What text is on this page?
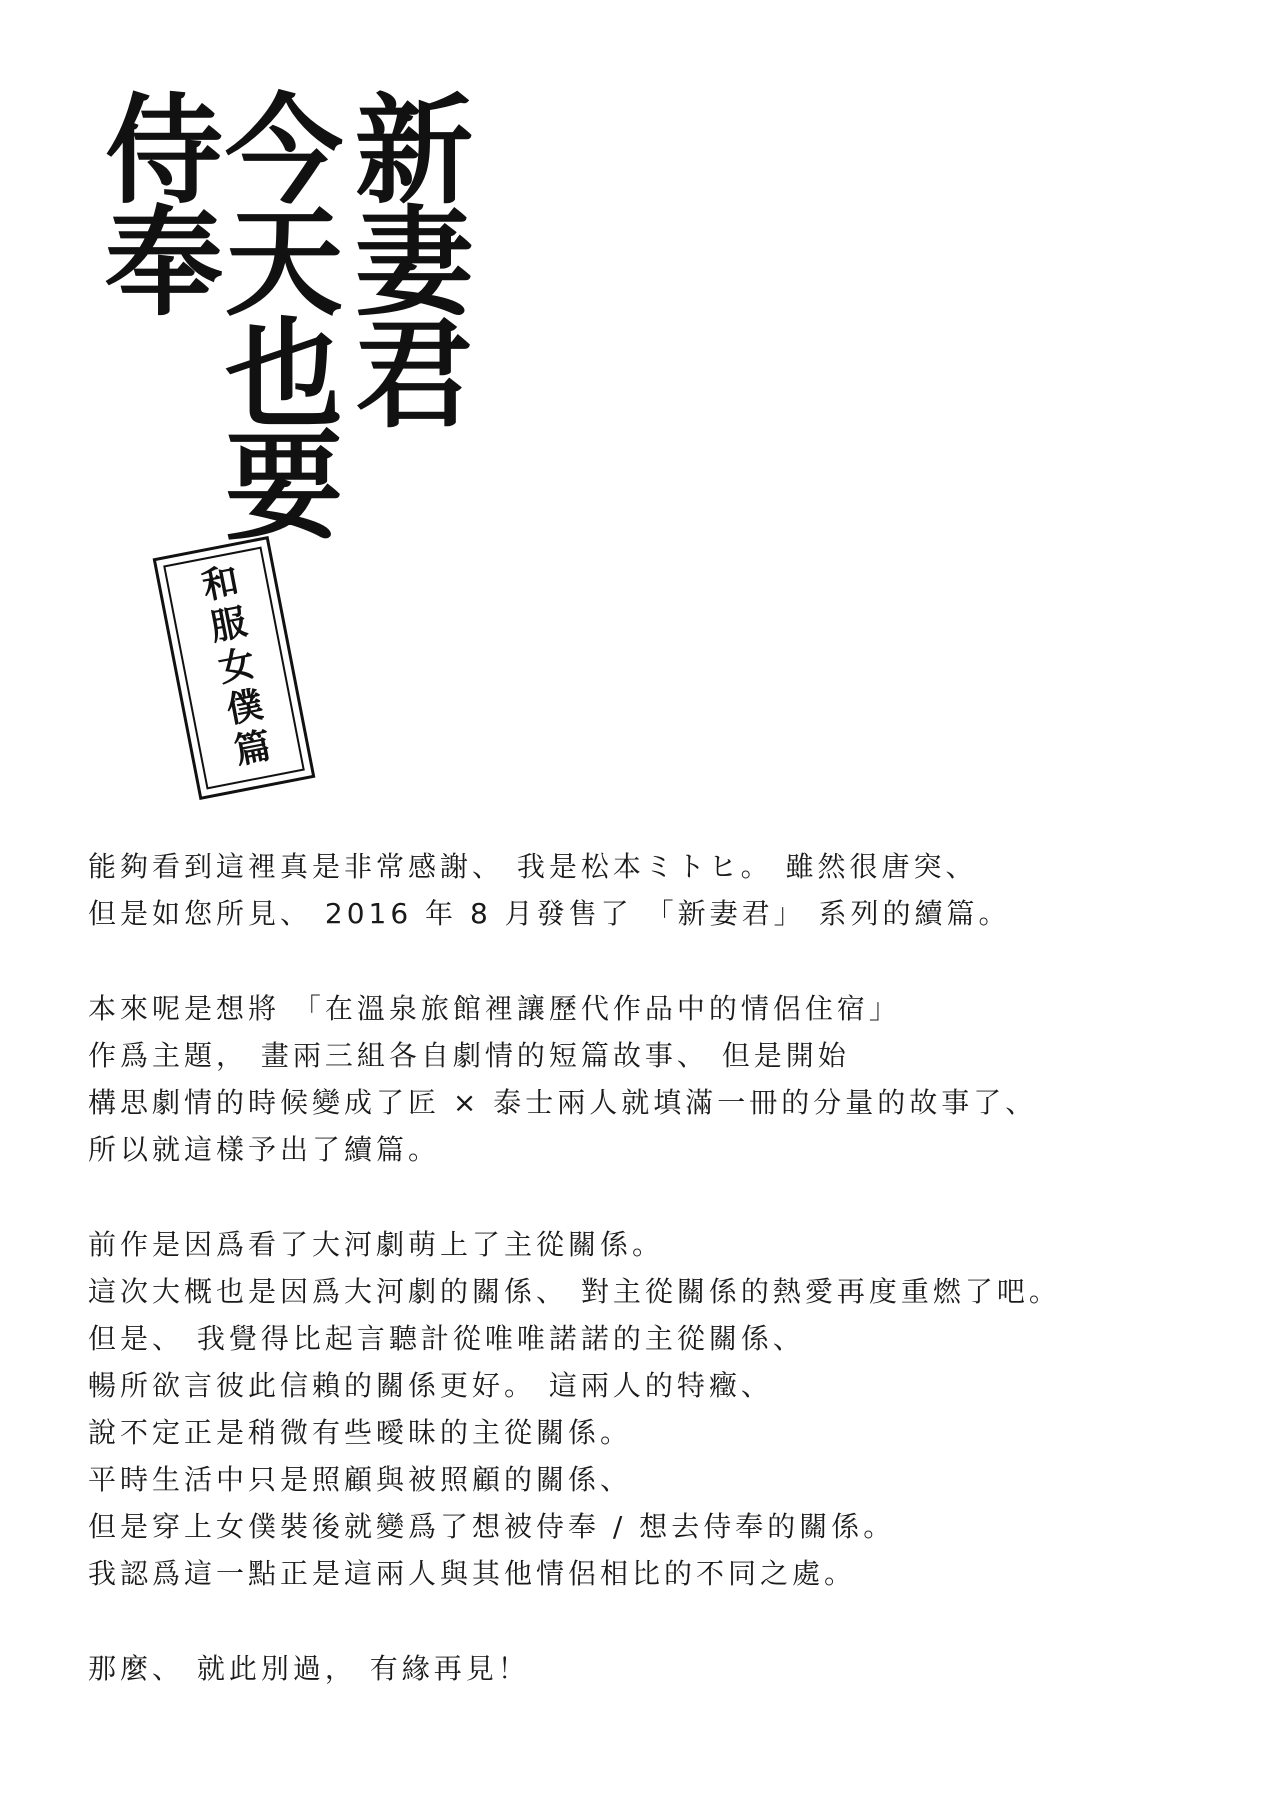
新妻君
今天也要
侍奉
和服女僕篇
能夠看到這裡真是非常感謝、 我是松本ミトヒ。 雖然很唐突、
但是如您所見、 2016 年 8 月發售了 「新妻君」 系列的續篇。
本來呢是想將 「在溫泉旅館裡讓歷代作品中的情侶住宿」
作爲主題， 畫兩三組各自劇情的短篇故事、 但是開始
構思劇情的時候變成了匠 × 泰士兩人就填滿一冊的分量的故事了、
所以就這樣予出了續篇。
前作是因爲看了大河劇萌上了主從關係。
這次大概也是因爲大河劇的關係、 對主從關係的熱愛再度重燃了吧。
但是、 我覺得比起言聽計從唯唯諾諾的主從關係、
暢所欲言彼此信賴的關係更好。 這兩人的特癥、
說不定正是稍微有些曖昧的主從關係。
平時生活中只是照顧與被照顧的關係、
但是穿上女僕裝後就變爲了想被侍奉 / 想去侍奉的關係。
我認爲這一點正是這兩人與其他情侶相比的不同之處。
那麼、 就此別過， 有緣再見！
